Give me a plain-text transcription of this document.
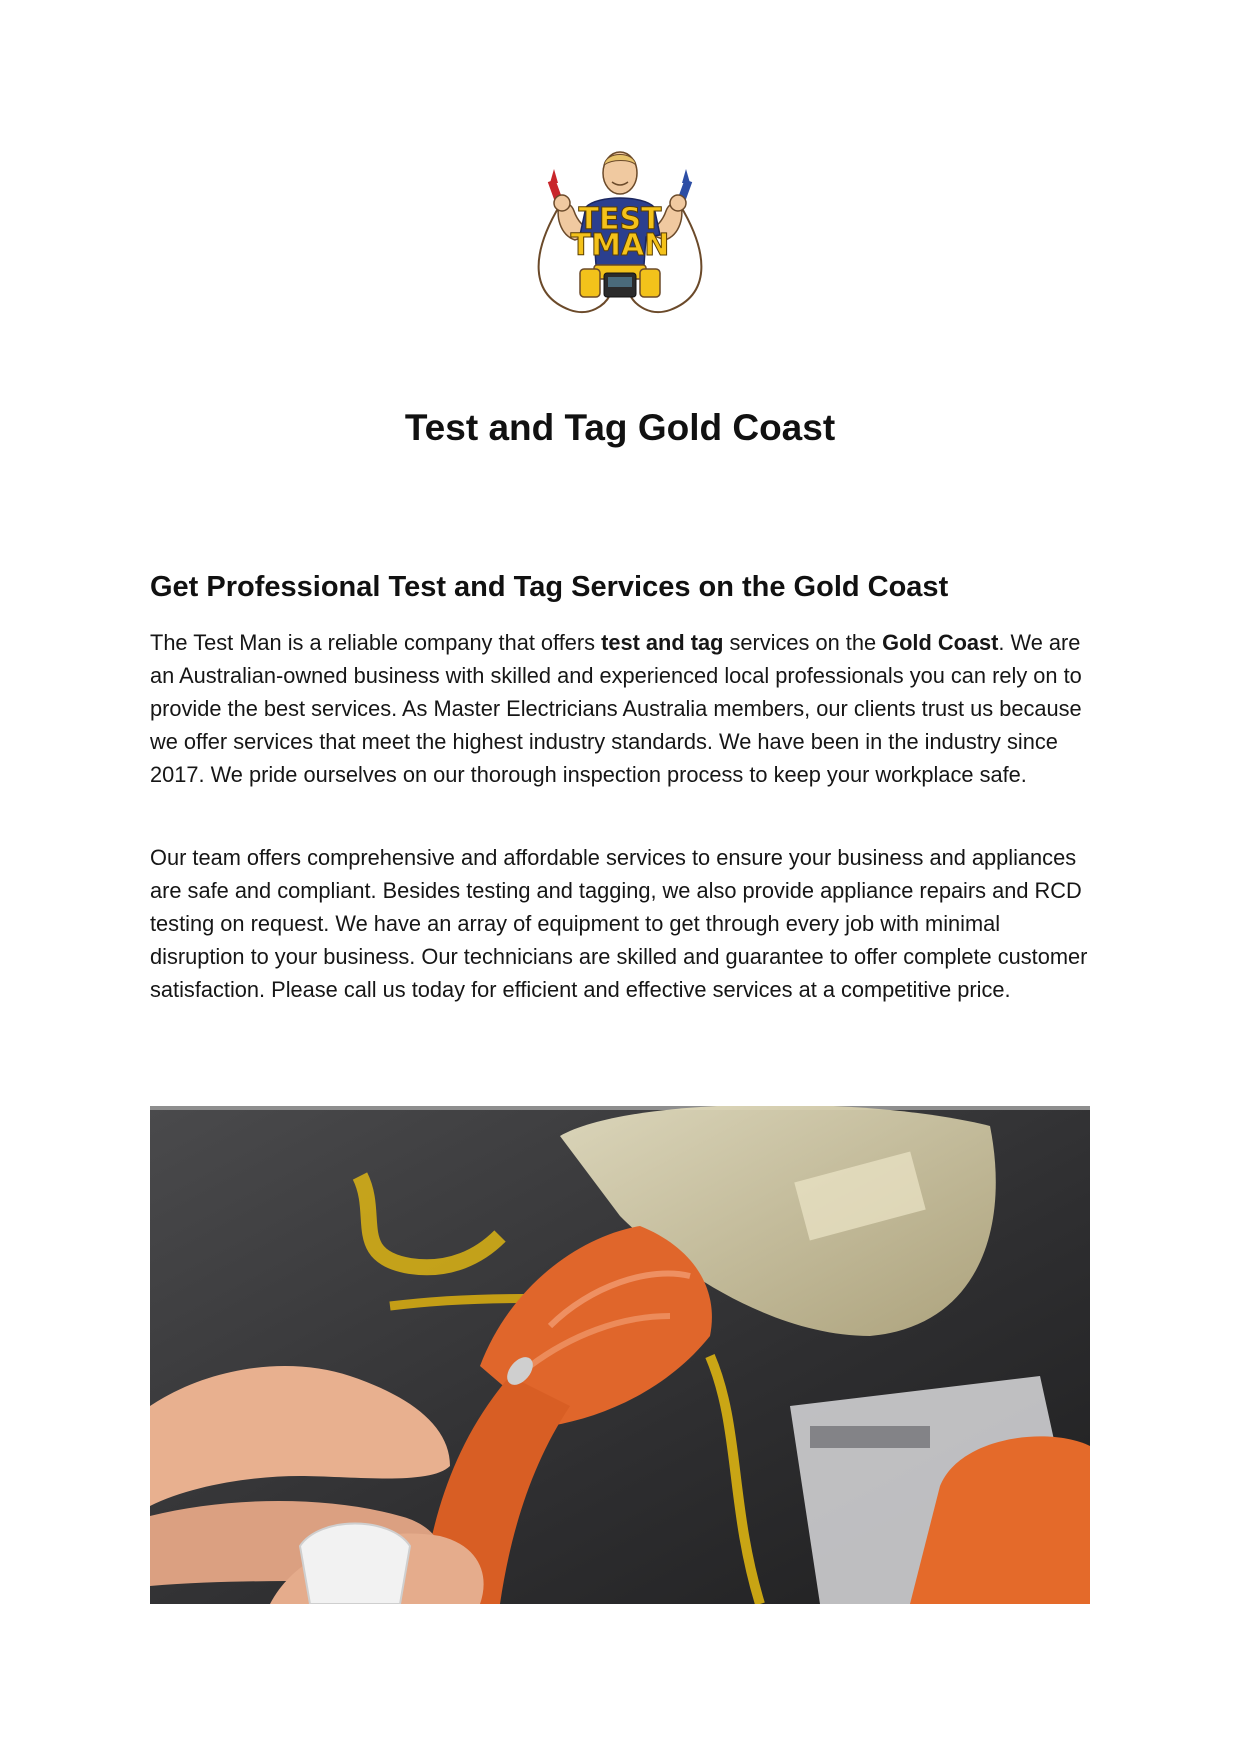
TEST
TMAN
Test and Tag Gold Coast
Get Professional Test and Tag Services on the Gold Coast

The Test Man is a reliable company that offers test and tag services on the Gold Coast. We are an Australian-owned business with skilled and experienced local professionals you can rely on to provide the best services. As Master Electricians Australia members, our clients trust us because we offer services that meet the highest industry standards. We have been in the industry since 2017. We pride ourselves on our thorough inspection process to keep your workplace safe.

Our team offers comprehensive and affordable services to ensure your business and appliances are safe and compliant. Besides testing and tagging, we also provide appliance repairs and RCD testing on request. We have an array of equipment to get through every job with minimal disruption to your business. Our technicians are skilled and guarantee to offer complete customer satisfaction. Please call us today for efficient and effective services at a competitive price.
